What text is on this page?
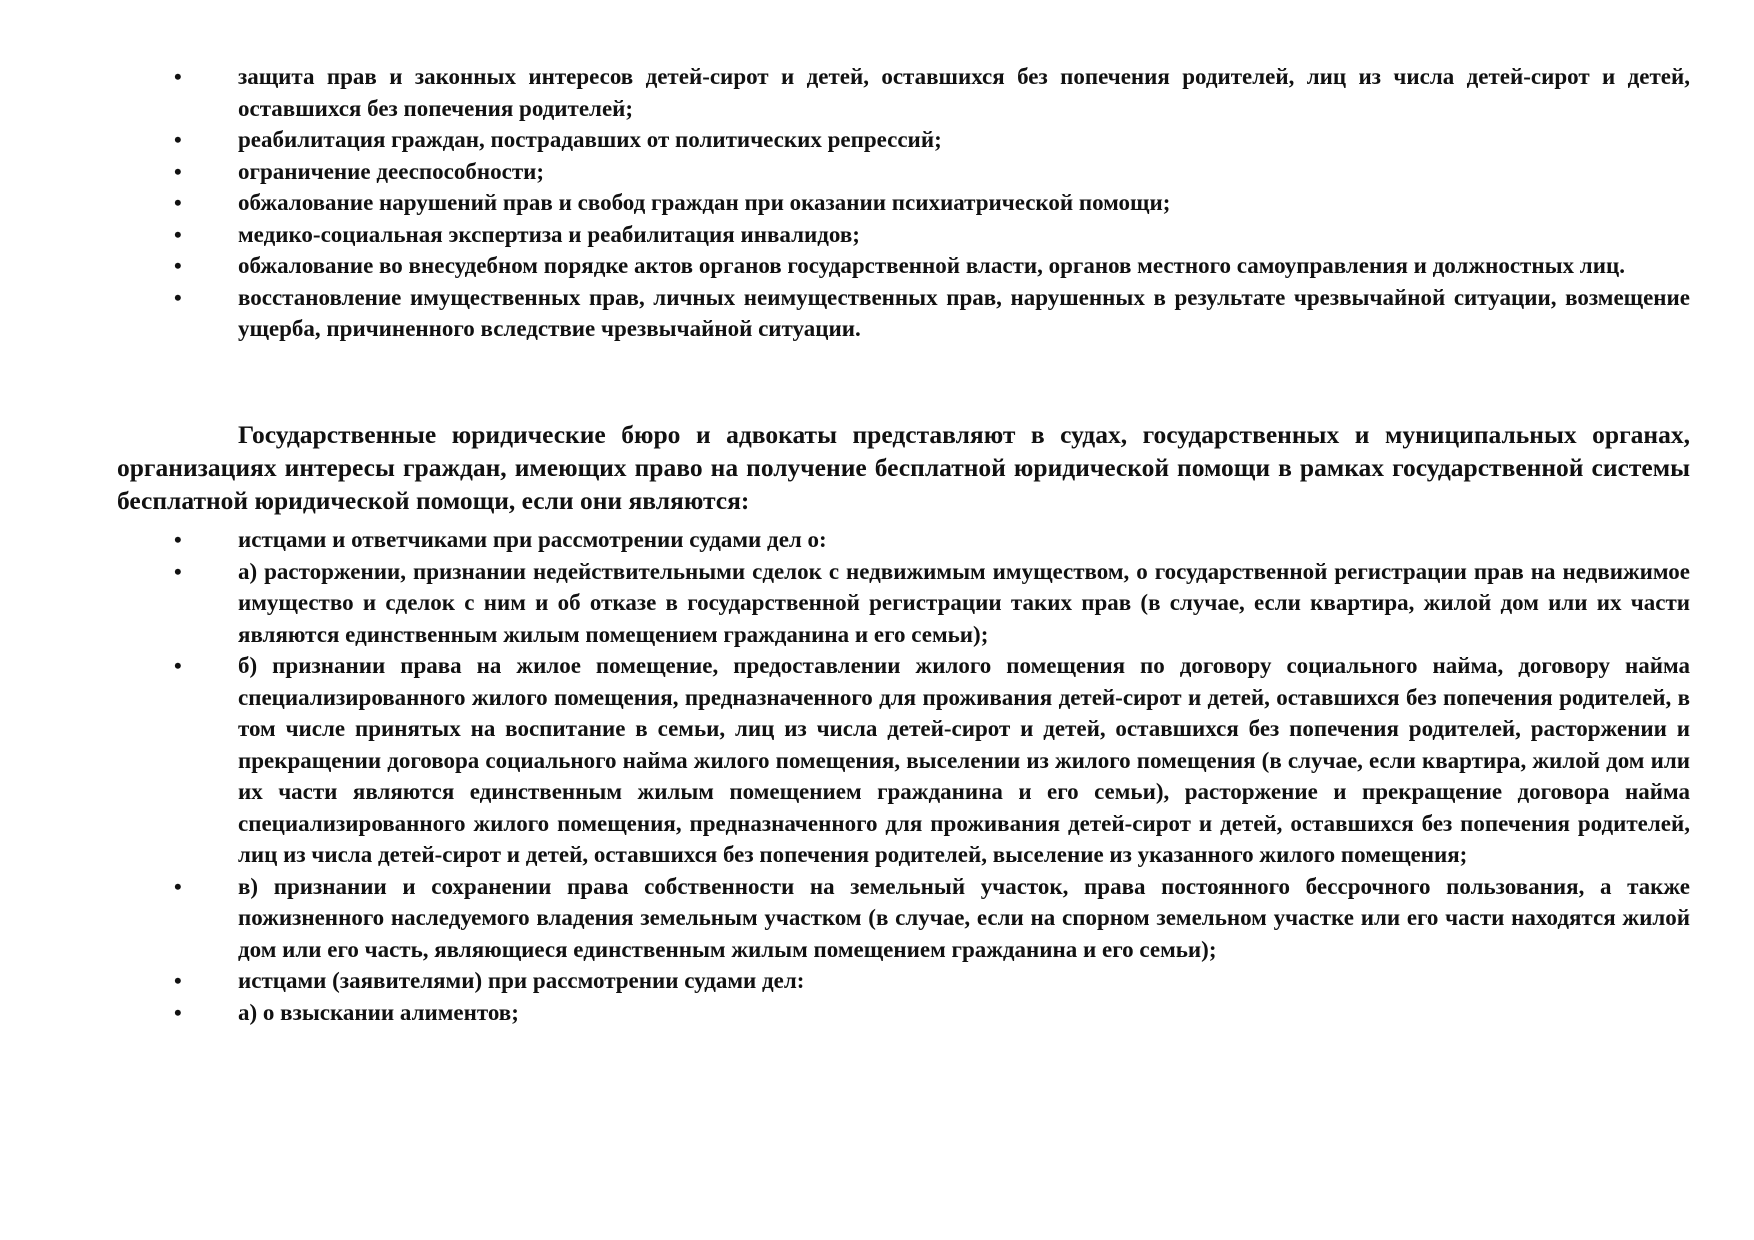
• защита прав и законных интересов детей-сирот и детей, оставшихся без попечения родителей, лиц из числа детей-сирот и детей, оставшихся без попечения родителей;
• реабилитация граждан, пострадавших от политических репрессий;
• ограничение дееспособности;
• обжалование нарушений прав и свобод граждан при оказании психиатрической помощи;
• медико-социальная экспертиза и реабилитация инвалидов;
• обжалование во внесудебном порядке актов органов государственной власти, органов местного самоуправления и должностных лиц.
• восстановление имущественных прав, личных неимущественных прав, нарушенных в результате чрезвычайной ситуации, возмещение ущерба, причиненного вследствие чрезвычайной ситуации.

Государственные юридические бюро и адвокаты представляют в судах, государственных и муниципальных органах, организациях интересы граждан, имеющих право на получение бесплатной юридической помощи в рамках государственной системы бесплатной юридической помощи, если они являются:

• истцами и ответчиками при рассмотрении судами дел о:
• а) расторжении, признании недействительными сделок с недвижимым имуществом, о государственной регистрации прав на недвижимое имущество и сделок с ним и об отказе в государственной регистрации таких прав (в случае, если квартира, жилой дом или их части являются единственным жилым помещением гражданина и его семьи);
• б) признании права на жилое помещение, предоставлении жилого помещения по договору социального найма, договору найма специализированного жилого помещения, предназначенного для проживания детей-сирот и детей, оставшихся без попечения родителей, в том числе принятых на воспитание в семьи, лиц из числа детей-сирот и детей, оставшихся без попечения родителей, расторжении и прекращении договора социального найма жилого помещения, выселении из жилого помещения (в случае, если квартира, жилой дом или их части являются единственным жилым помещением гражданина и его семьи), расторжение и прекращение договора найма специализированного жилого помещения, предназначенного для проживания детей-сирот и детей, оставшихся без попечения родителей, лиц из числа детей-сирот и детей, оставшихся без попечения родителей, выселение из указанного жилого помещения;
• в) признании и сохранении права собственности на земельный участок, права постоянного бессрочного пользования, а также пожизненного наследуемого владения земельным участком (в случае, если на спорном земельном участке или его части находятся жилой дом или его часть, являющиеся единственным жилым помещением гражданина и его семьи);
• истцами (заявителями) при рассмотрении судами дел:
• а) о взыскании алиментов;
